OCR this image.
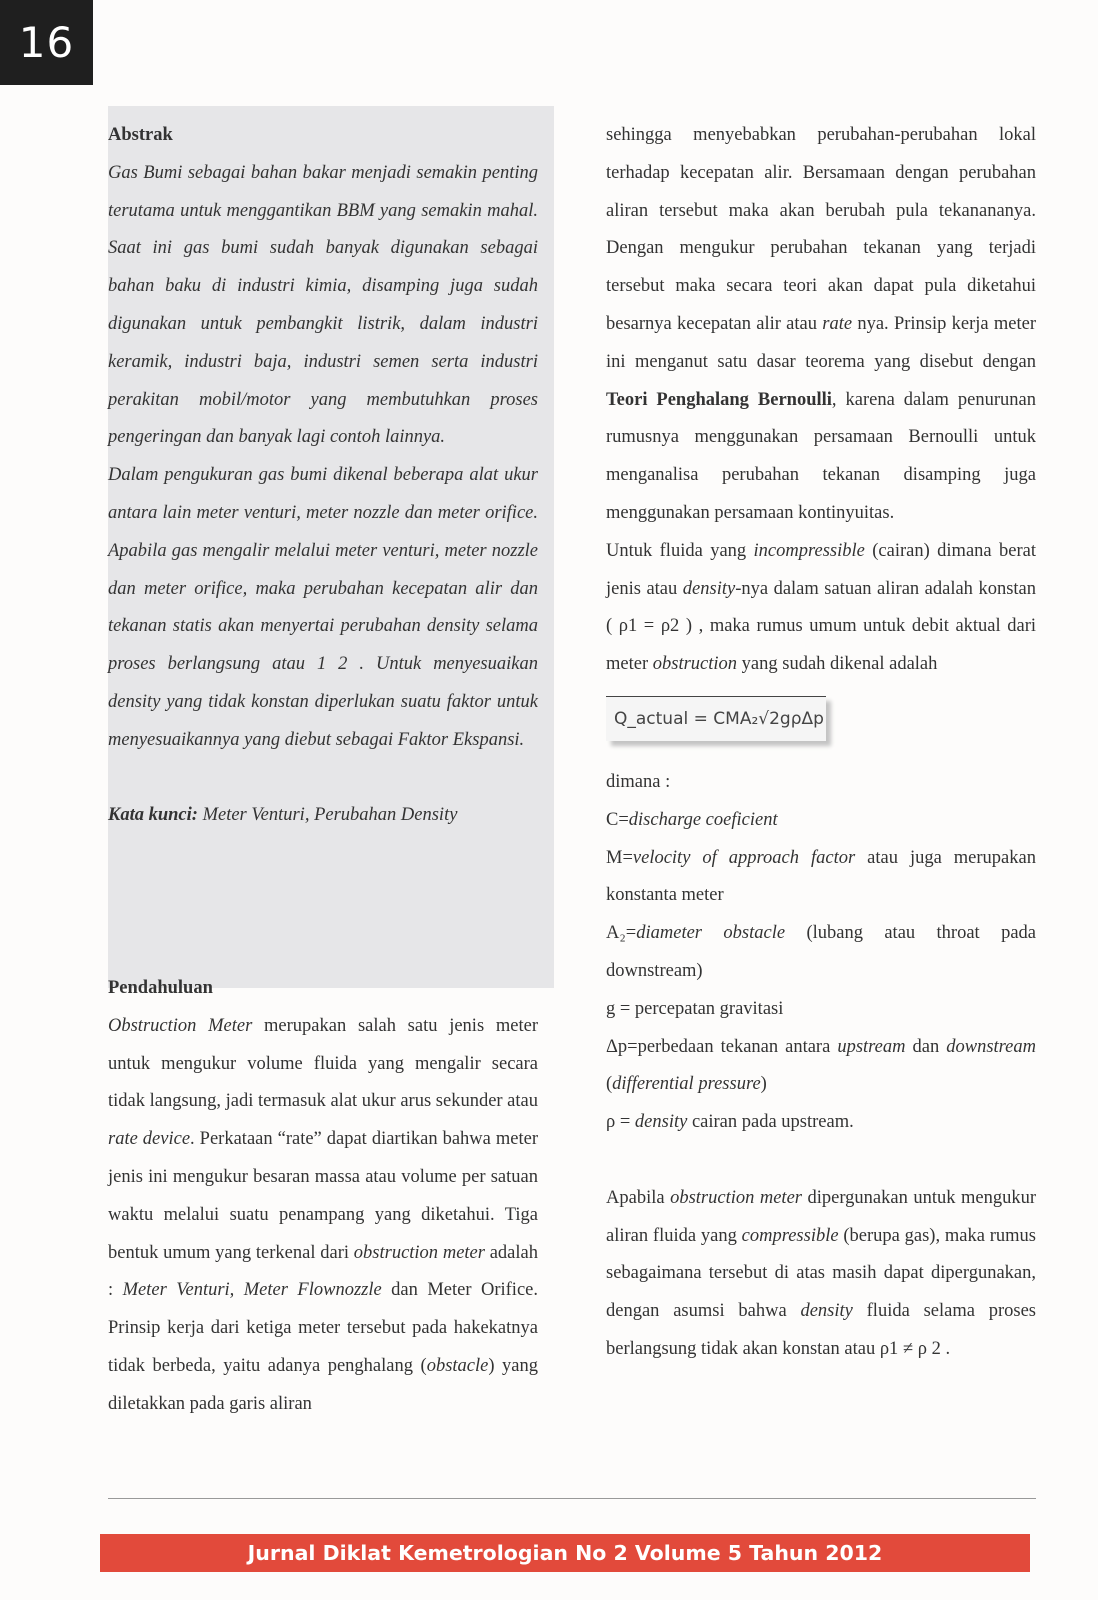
16

Abstrak

Gas Bumi sebagai bahan bakar menjadi semakin penting terutama untuk menggantikan BBM yang semakin mahal. Saat ini gas bumi sudah banyak digunakan sebagai bahan baku di industri kimia, disamping juga sudah digunakan untuk pembangkit listrik, dalam industri keramik, industri baja, industri semen serta industri perakitan mobil/motor yang membutuhkan proses pengeringan dan banyak lagi contoh lainnya.

Dalam pengukuran gas bumi dikenal beberapa alat ukur antara lain meter venturi, meter nozzle dan meter orifice. Apabila gas mengalir melalui meter venturi, meter nozzle dan meter orifice, maka perubahan kecepatan alir dan tekanan statis akan menyertai perubahan density selama proses berlangsung atau 1 2 . Untuk menyesuaikan density yang tidak konstan diperlukan suatu faktor untuk menyesuaikannya yang diebut sebagai Faktor Ekspansi.

Kata kunci: Meter Venturi, Perubahan Density

Pendahuluan

Obstruction Meter merupakan salah satu jenis meter untuk mengukur volume fluida yang mengalir secara tidak langsung, jadi termasuk alat ukur arus sekunder atau rate device. Perkataan “rate” dapat diartikan bahwa meter jenis ini mengukur besaran massa atau volume per satuan waktu melalui suatu penampang yang diketahui. Tiga bentuk umum yang terkenal dari obstruction meter adalah : Meter Venturi, Meter Flownozzle dan Meter Orifice. Prinsip kerja dari ketiga meter tersebut pada hakekatnya tidak berbeda, yaitu adanya penghalang (obstacle) yang diletakkan pada garis aliran

sehingga menyebabkan perubahan-perubahan lokal terhadap kecepatan alir. Bersamaan dengan perubahan aliran tersebut maka akan berubah pula tekanananya. Dengan mengukur perubahan tekanan yang terjadi tersebut maka secara teori akan dapat pula diketahui besarnya kecepatan alir atau rate nya. Prinsip kerja meter ini menganut satu dasar teorema yang disebut dengan Teori Penghalang Bernoulli, karena dalam penurunan rumusnya menggunakan persamaan Bernoulli untuk menganalisa perubahan tekanan disamping juga menggunakan persamaan kontinyuitas.

Untuk fluida yang incompressible (cairan) dimana berat jenis atau density-nya dalam satuan aliran adalah konstan ( ρ1 = ρ2 ) , maka rumus umum untuk debit aktual dari meter obstruction yang sudah dikenal adalah

Q_actual = CMA₂√2gρΔp

dimana :

C=discharge coeficient

M=velocity of approach factor atau juga merupakan konstanta meter

A₂=diameter obstacle (lubang atau throat pada downstream)

g = percepatan gravitasi

Δp=perbedaan tekanan antara upstream dan downstream (differential pressure)

ρ = density cairan pada upstream.

Apabila obstruction meter dipergunakan untuk mengukur aliran fluida yang compressible (berupa gas), maka rumus sebagaimana tersebut di atas masih dapat dipergunakan, dengan asumsi bahwa density fluida selama proses berlangsung tidak akan konstan atau ρ1 ≠ ρ 2 .

Jurnal Diklat Kemetrologian No 2 Volume 5 Tahun 2012
